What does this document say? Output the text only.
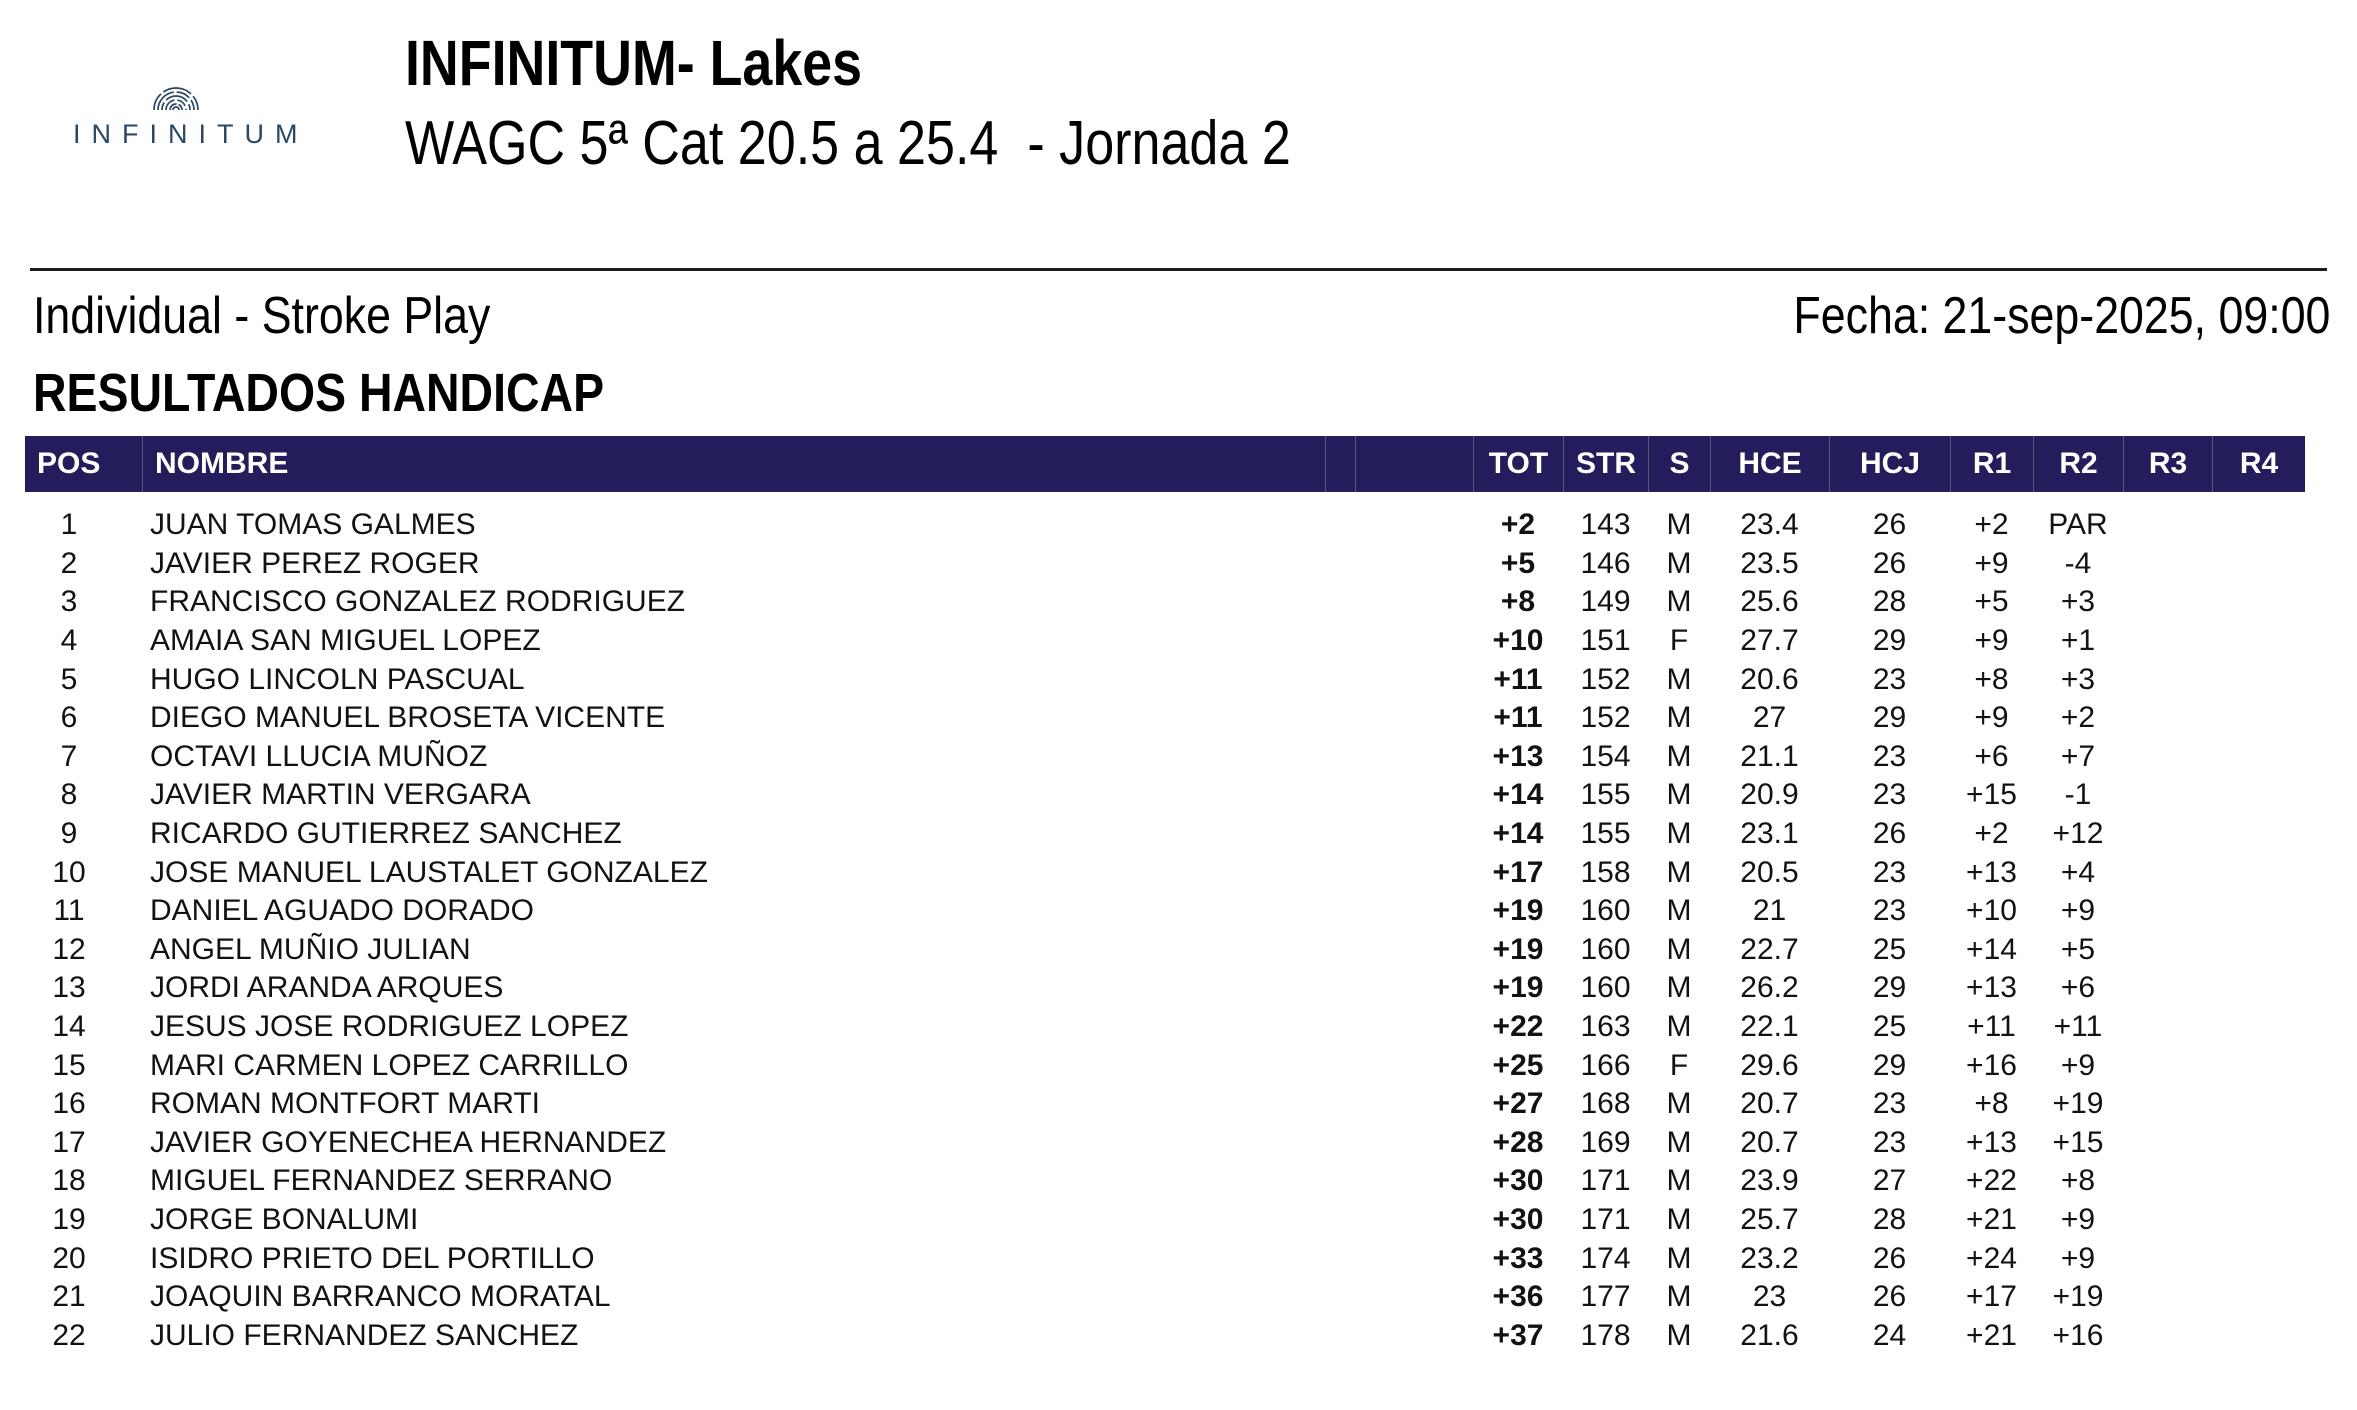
INFINITUM
INFINITUM- Lakes
WAGC 5ª Cat 20.5 a 25.4  - Jornada 2
Individual - Stroke Play	Fecha: 21-sep-2025, 09:00
RESULTADOS HANDICAP
POS	NOMBRE	TOT STR	S	HCE	HCJ	R1	R2	R3	R4
1	JUAN TOMAS GALMES	+2	143	M	23.4	26	+2	PAR
2	JAVIER PEREZ ROGER	+5	146	M	23.5	26	+9	-4
3	FRANCISCO GONZALEZ RODRIGUEZ	+8	149	M	25.6	28	+5	+3
4	AMAIA SAN MIGUEL LOPEZ	+10	151	F	27.7	29	+9	+1
5	HUGO LINCOLN PASCUAL	+11	152	M	20.6	23	+8	+3
6	DIEGO MANUEL BROSETA VICENTE	+11	152	M	27	29	+9	+2
7	OCTAVI LLUCIA MUÑOZ	+13	154	M	21.1	23	+6	+7
8	JAVIER MARTIN VERGARA	+14	155	M	20.9	23	+15	-1
9	RICARDO GUTIERREZ SANCHEZ	+14	155	M	23.1	26	+2	+12
10	JOSE MANUEL LAUSTALET GONZALEZ	+17	158	M	20.5	23	+13	+4
11	DANIEL AGUADO DORADO	+19	160	M	21	23	+10	+9
12	ANGEL MUÑIO JULIAN	+19	160	M	22.7	25	+14	+5
13	JORDI ARANDA ARQUES	+19	160	M	26.2	29	+13	+6
14	JESUS JOSE RODRIGUEZ LOPEZ	+22	163	M	22.1	25	+11	+11
15	MARI CARMEN LOPEZ CARRILLO	+25	166	F	29.6	29	+16	+9
16	ROMAN MONTFORT MARTI	+27	168	M	20.7	23	+8	+19
17	JAVIER GOYENECHEA HERNANDEZ	+28	169	M	20.7	23	+13	+15
18	MIGUEL FERNANDEZ SERRANO	+30	171	M	23.9	27	+22	+8
19	JORGE BONALUMI	+30	171	M	25.7	28	+21	+9
20	ISIDRO PRIETO DEL PORTILLO	+33	174	M	23.2	26	+24	+9
21	JOAQUIN BARRANCO MORATAL	+36	177	M	23	26	+17	+19
22	JULIO FERNANDEZ SANCHEZ	+37	178	M	21.6	24	+21	+16
